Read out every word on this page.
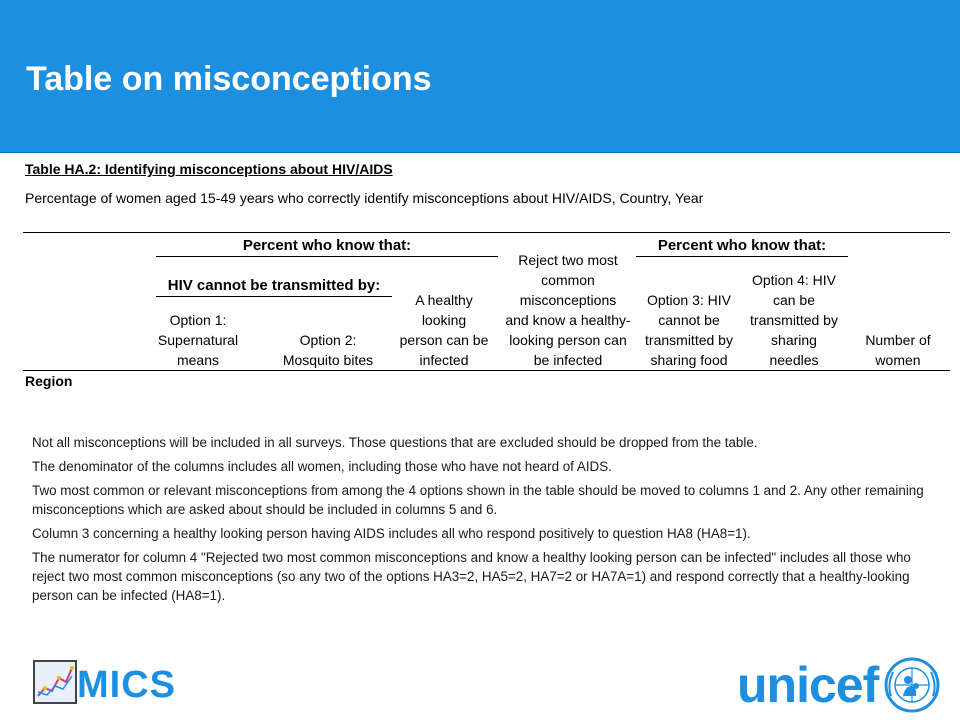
Table on misconceptions
Table HA.2: Identifying misconceptions about HIV/AIDS
Percentage of women aged 15-49 years who correctly identify misconceptions about HIV/AIDS, Country, Year
Percent who know that:
HIV cannot be transmitted by:
Percent who know that:
Option 1:
Supernatural
means
Option 2:
Mosquito bites
A healthy
looking
person can be
infected
Reject two most
common
misconceptions
and know a healthy-
looking person can
be infected
Option 3: HIV
cannot be
transmitted by
sharing food
Option 4: HIV
can be
transmitted by
sharing
needles
Number of
women
Region

Not all misconceptions will be included in all surveys. Those questions that are excluded should be dropped from the table.

The denominator of the columns includes all women, including those who have not heard of AIDS.

Two most common or relevant misconceptions from among the 4 options shown in the table should be moved to columns 1 and 2. Any other remaining misconceptions which are asked about should be included in columns 5 and 6.

Column 3 concerning a healthy looking person having AIDS includes all who respond positively to question HA8 (HA8=1).

The numerator for column 4 "Rejected two most common misconceptions and know a healthy looking person can be infected" includes all those who reject two most common misconceptions (so any two of the options HA3=2, HA5=2, HA7=2 or HA7A=1) and respond correctly that a healthy-looking person can be infected (HA8=1).

MICS	unicef
